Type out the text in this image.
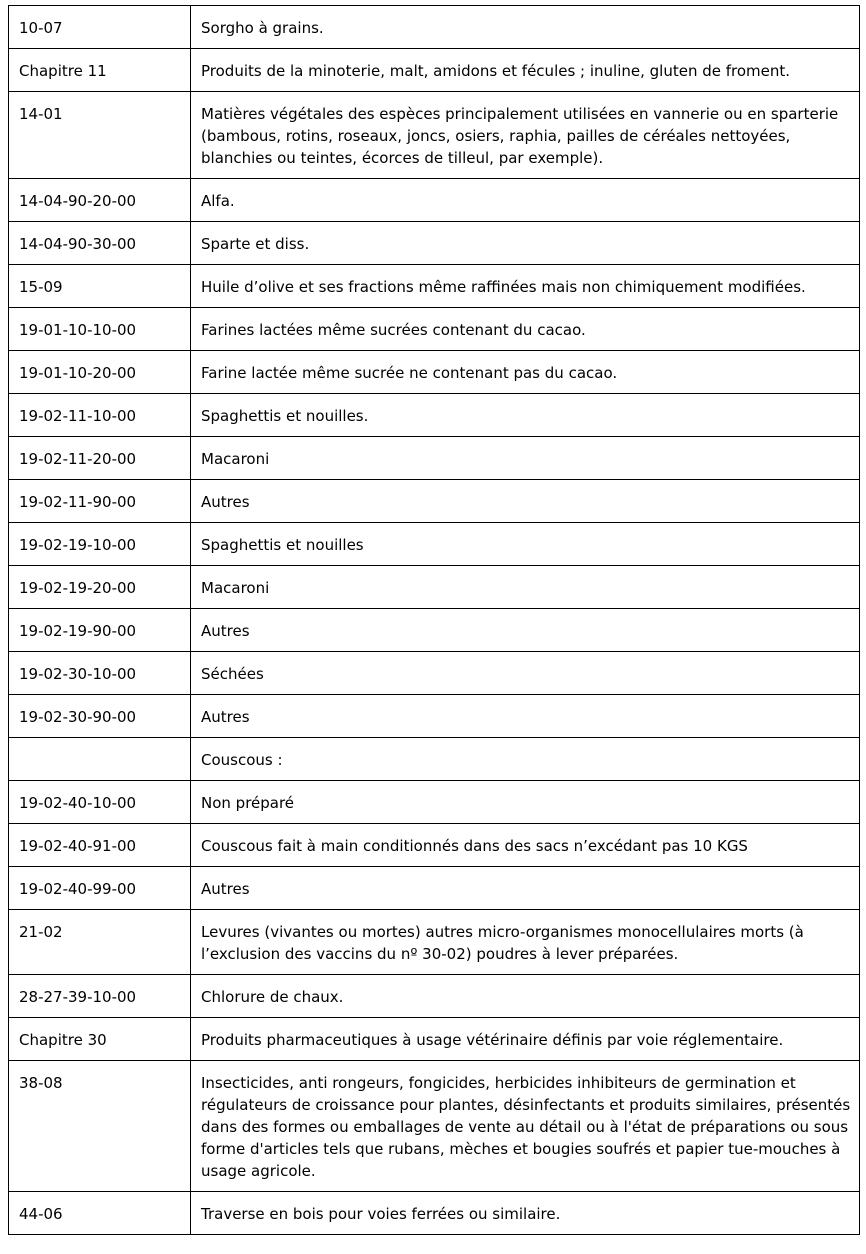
10-07	Sorgho à grains.
Chapitre 11	Produits de la minoterie, malt, amidons et fécules ; inuline, gluten de froment.
14-01	Matières végétales des espèces principalement utilisées en vannerie ou en sparterie (bambous, rotins, roseaux, joncs, osiers, raphia, pailles de céréales nettoyées, blanchies ou teintes, écorces de tilleul, par exemple).
14-04-90-20-00	Alfa.
14-04-90-30-00	Sparte et diss.
15-09	Huile d’olive et ses fractions même raffinées mais non chimiquement modifiées.
19-01-10-10-00	Farines lactées même sucrées contenant du cacao.
19-01-10-20-00	Farine lactée même sucrée ne contenant pas du cacao.
19-02-11-10-00	Spaghettis et nouilles.
19-02-11-20-00	Macaroni
19-02-11-90-00	Autres
19-02-19-10-00	Spaghettis et nouilles
19-02-19-20-00	Macaroni
19-02-19-90-00	Autres
19-02-30-10-00	Séchées
19-02-30-90-00	Autres
	Couscous :
19-02-40-10-00	Non préparé
19-02-40-91-00	Couscous fait à main conditionnés dans des sacs n’excédant pas 10 KGS
19-02-40-99-00	Autres
21-02	Levures (vivantes ou mortes) autres micro-organismes monocellulaires morts (à l’exclusion des vaccins du nº 30-02) poudres à lever préparées.
28-27-39-10-00	Chlorure de chaux.
Chapitre 30	Produits pharmaceutiques à usage vétérinaire définis par voie réglementaire.
38-08	Insecticides, anti rongeurs, fongicides, herbicides inhibiteurs de germination et régulateurs de croissance pour plantes, désinfectants et produits similaires, présentés dans des formes ou emballages de vente au détail ou à l'état de préparations ou sous forme d'articles tels que rubans, mèches et bougies soufrés et papier tue-mouches à usage agricole.
44-06	Traverse en bois pour voies ferrées ou similaire.
